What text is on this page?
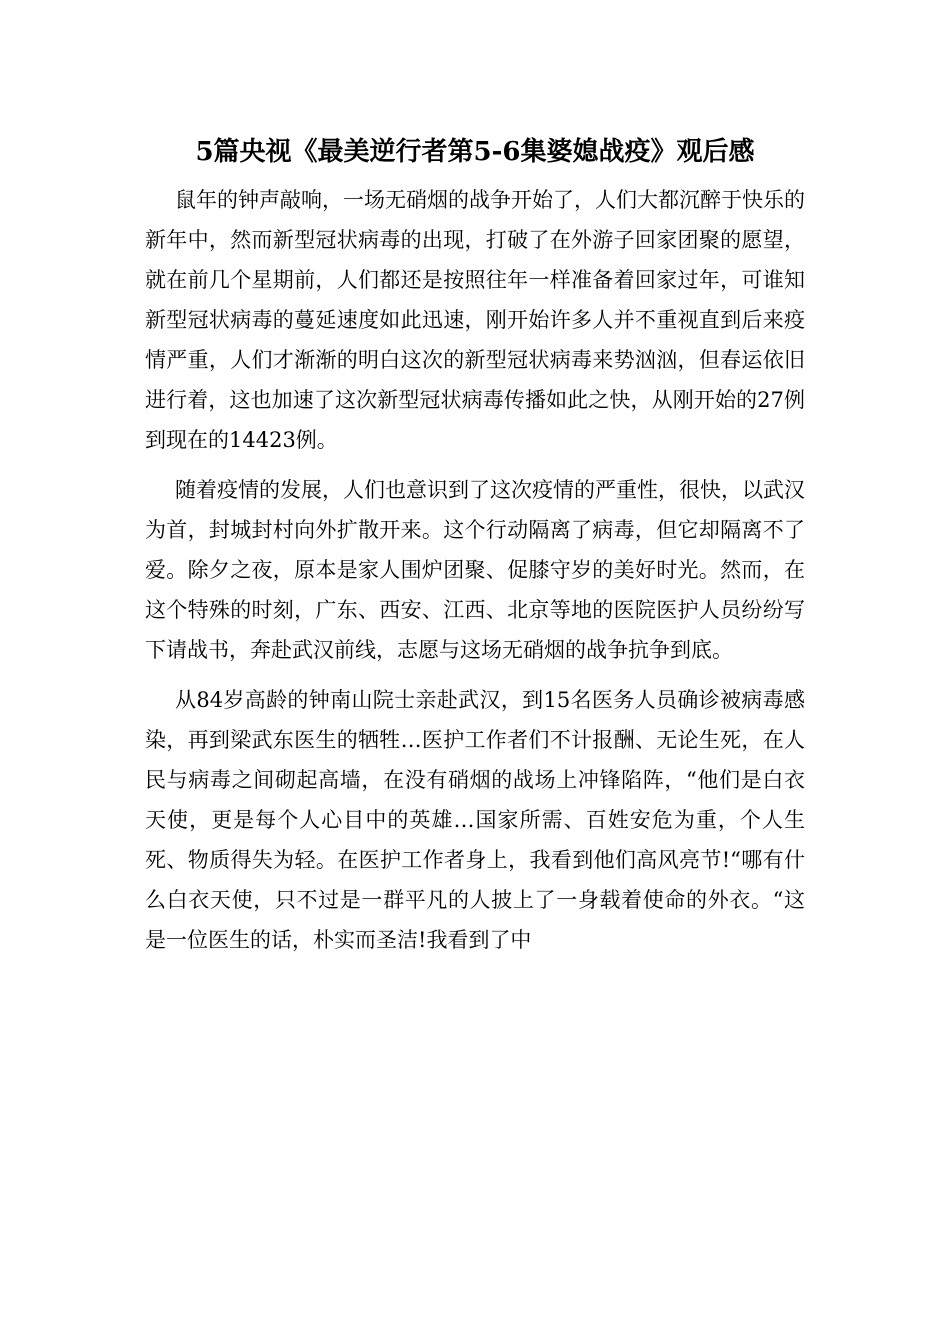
5篇央视《最美逆行者第5-6集婆媳战疫》观后感

鼠年的钟声敲响，一场无硝烟的战争开始了，人们大都沉醉于快乐的新年中，然而新型冠状病毒的出现，打破了在外游子回家团聚的愿望，就在前几个星期前，人们都还是按照往年一样准备着回家过年，可谁知新型冠状病毒的蔓延速度如此迅速，刚开始许多人并不重视直到后来疫情严重，人们才渐渐的明白这次的新型冠状病毒来势汹汹，但春运依旧进行着，这也加速了这次新型冠状病毒传播如此之快，从刚开始的27例到现在的14423例。

随着疫情的发展，人们也意识到了这次疫情的严重性，很快，以武汉为首，封城封村向外扩散开来。这个行动隔离了病毒，但它却隔离不了爱。除夕之夜，原本是家人围炉团聚、促膝守岁的美好时光。然而，在这个特殊的时刻，广东、西安、江西、北京等地的医院医护人员纷纷写下请战书，奔赴武汉前线，志愿与这场无硝烟的战争抗争到底。

从84岁高龄的钟南山院士亲赴武汉，到15名医务人员确诊被病毒感染，再到梁武东医生的牺牲…医护工作者们不计报酬、无论生死，在人民与病毒之间砌起高墙，在没有硝烟的战场上冲锋陷阵，“他们是白衣天使，更是每个人心目中的英雄…国家所需、百姓安危为重，个人生死、物质得失为轻。在医护工作者身上，我看到他们高风亮节!“哪有什么白衣天使，只不过是一群平凡的人披上了一身载着使命的外衣。“这是一位医生的话，朴实而圣洁!我看到了中
